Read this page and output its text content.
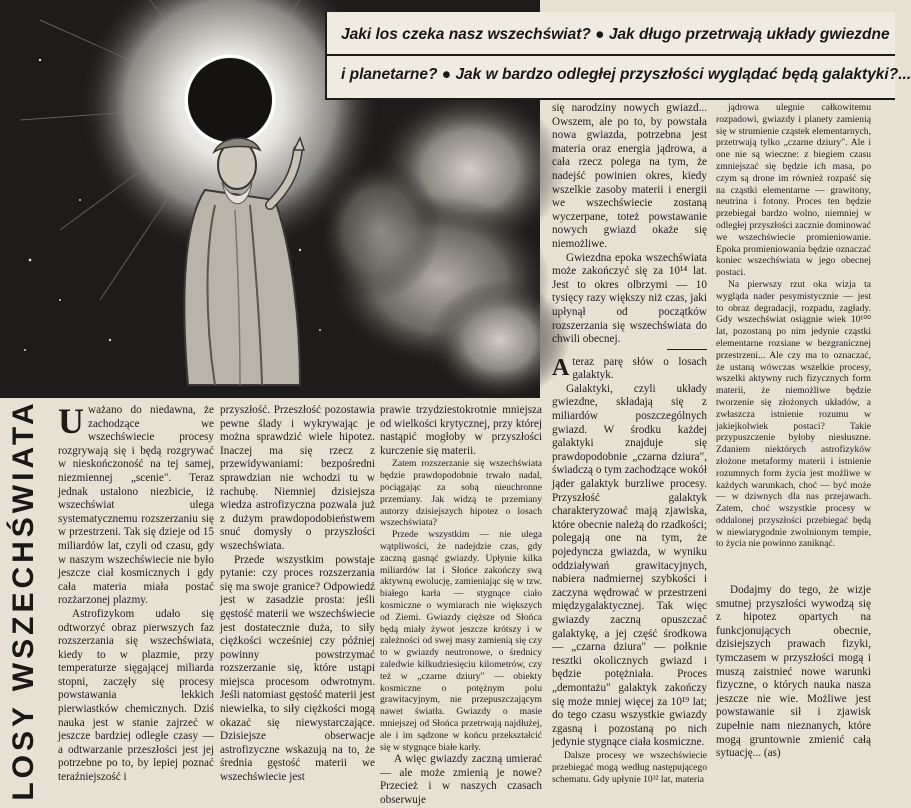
Jaki los czeka nasz wszechświat? ● Jak długo przetrwają układy gwiezdne
i planetarne? ● Jak w bardzo odległej przyszłości wyglądać będą galaktyki?...
LOSY WSZECHŚWIATA Uważano do niedawna, że zachodzące we wszechświecie procesy rozgrywają się i będą rozgrywać w nieskończoność na tej samej, niezmiennej „scenie". Teraz jednak ustalono niezbicie, iż wszechświat ulega systematycznemu rozszerzaniu się w przestrzeni. Tak się dzieje od 15 miliardów lat, czyli od czasu, gdy w naszym wszechświecie nie było jeszcze ciał kosmicznych i gdy cała materia miała postać rozżarzonej plazmy.

Astrofizykom udało się odtworzyć obraz pierwszych faz rozszerzania się wszechświata, kiedy to w plazmie, przy temperaturze sięgającej miliarda stopni, zaczęły się procesy powstawania lekkich pierwiastków chemicznych. Dziś nauka jest w stanie zajrzeć w jeszcze bardziej odległe czasy — a odtwarzanie przeszłości jest jej potrzebne po to, by lepiej poznać teraźniejszość i

przyszłość. Przeszłość pozostawia pewne ślady i wykrywając je można sprawdzić wiele hipotez. Inaczej ma się rzecz z przewidywaniami: bezpośredni sprawdzian nie wchodzi tu w rachubę. Niemniej dzisiejsza wiedza astrofizyczna pozwala już z dużym prawdopodobieństwem snuć domysły o przyszłości wszechświata.

Przede wszystkim powstaje pytanie: czy proces rozszerzania się ma swoje granice? Odpowiedź jest w zasadzie prosta: jeśli gęstość materii we wszechświecie jest dostatecznie duża, to siły ciężkości wcześniej czy później powinny powstrzymać rozszerzanie się, które ustąpi miejsca procesom odwrotnym. Jeśli natomiast gęstość materii jest niewielka, to siły ciężkości mogą okazać się niewystarczające. Dzisiejsze obserwacje astrofizyczne wskazują na to, że średnia gęstość materii we wszechświecie jest

prawie trzydziestokrotnie mniejsza od wielkości krytycznej, przy której nastąpić mogłoby w przyszłości kurczenie się materii.

Zatem rozszerzanie się wszechświata będzie prawdopodobnie trwało nadal, pociągając za sobą nieuchronne przemiany. Jak widzą te przemiany autorzy dzisiejszych hipotez o losach wszechświata?

Przede wszystkim — nie ulega wątpliwości, że nadejdzie czas, gdy zaczną gasnąć gwiazdy. Upłynie kilka miliardów lat i Słońce zakończy swą aktywną ewolucję, zamieniając się w tzw. białego karła — stygnące ciało kosmiczne o wymiarach nie większych od Ziemi. Gwiazdy cięższe od Słońca będą miały żywot jeszcze krótszy i w zależności od swej masy zamienią się czy to w gwiazdy neutronowe, o średnicy zaledwie kilkudziesięciu kilometrów, czy też w „czarne dziury" — obiekty kosmiczne o potężnym polu grawitacyjnym, nie przepuszczającym nawet światła. Gwiazdy o masie mniejszej od Słońca przetrwają najdłużej, ale i im sądzone w końcu przekształcić się w stygnące białe karły.

A więc gwiazdy zaczną umierać — ale może zmienią je nowe? Przecież i w naszych czasach obserwuje

się narodziny nowych gwiazd... Owszem, ale po to, by powstała nowa gwiazda, potrzebna jest materia oraz energia jądrowa, a cała rzecz polega na tym, że nadejść powinien okres, kiedy wszelkie zasoby materii i energii we wszechświecie zostaną wyczerpane, toteż powstawanie nowych gwiazd okaże się niemożliwe.

Gwiezdna epoka wszechświata może zakończyć się za 10¹⁴ lat. Jest to okres olbrzymi — 10 tysięcy razy większy niż czas, jaki upłynął od początków rozszerzania się wszechświata do chwili obecnej.

A teraz parę słów o losach galaktyk.

Galaktyki, czyli układy gwiezdne, składają się z miliardów poszczególnych gwiazd. W środku każdej galaktyki znajduje się prawdopodobnie „czarna dziura", świadczą o tym zachodzące wokół jąder galaktyk burzliwe procesy. Przyszłość galaktyk charakteryzować mają zjawiska, które obecnie należą do rzadkości; polegają one na tym, że pojedyncza gwiazda, w wyniku oddziaływań grawitacyjnych, nabiera nadmiernej szybkości i zaczyna wędrować w przestrzeni międzygalaktycznej. Tak więc gwiazdy zaczną opuszczać galaktykę, a jej część środkowa — „czarna dziura" — połknie resztki okolicznych gwiazd i będzie potężniała. Proces „demontażu" galaktyk zakończy się może mniej więcej za 10¹⁹ lat; do tego czasu wszystkie gwiazdy zgasną i pozostaną po nich jedynie stygnące ciała kosmiczne.

Dalsze procesy we wszechświecie przebiegać mogą według następującego schematu. Gdy upłynie 10³² lat, materia

jądrowa ulegnie całkowitemu rozpadowi, gwiazdy i planety zamienią się w strumienie cząstek elementarnych, przetrwają tylko „czarne dziury". Ale i one nie są wieczne: z biegiem czasu zmniejszać się będzie ich masa, po czym są drone im również rozpaść się na cząstki elementarne — grawitony, neutrina i fotony. Proces ten będzie przebiegał bardzo wolno, niemniej w odległej przyszłości zacznie dominować we wszechświecie promieniowanie. Epoka promieniowania będzie oznaczać koniec wszechświata w jego obecnej postaci.

Na pierwszy rzut oka wizja ta wygląda nader pesymistycznie — jest to obraz degradacji, rozpadu, zagłady. Gdy wszechświat osiągnie wiek 10¹⁰⁰ lat, pozostaną po nim jedynie cząstki elementarne rozsiane w bezgranicznej przestrzeni... Ale czy ma to oznaczać, że ustaną wówczas wszelkie procesy, wszelki aktywny ruch fizycznych form materii, że niemożliwe będzie tworzenie się złożonych układów, a zwłaszcza istnienie rozumu w jakiejkolwiek postaci? Takie przypuszczenie byłoby niesłuszne. Zdaniem niektórych astrofizyków złożone metaformy materii i istnienie rozumnych form życia jest możliwe w każdych warunkach, choć — być może — w dziwnych dla nas przejawach. Zatem, choć wszystkie procesy w oddalonej przyszłości przebiegać będą w niewiarygodnie zwolnionym tempie, to życia nie powinno zaniknąć.

Dodajmy do tego, że wizje smutnej przyszłości wywodzą się z hipotez opartych na funkcjonujących obecnie, dzisiejszych prawach fizyki, tymczasem w przyszłości mogą i muszą zaistnieć nowe warunki fizyczne, o których nauka nasza jeszcze nie wie. Możliwe jest powstawanie sił i zjawisk zupełnie nam nieznanych, które mogą gruntownie zmienić całą sytuację... (as)
